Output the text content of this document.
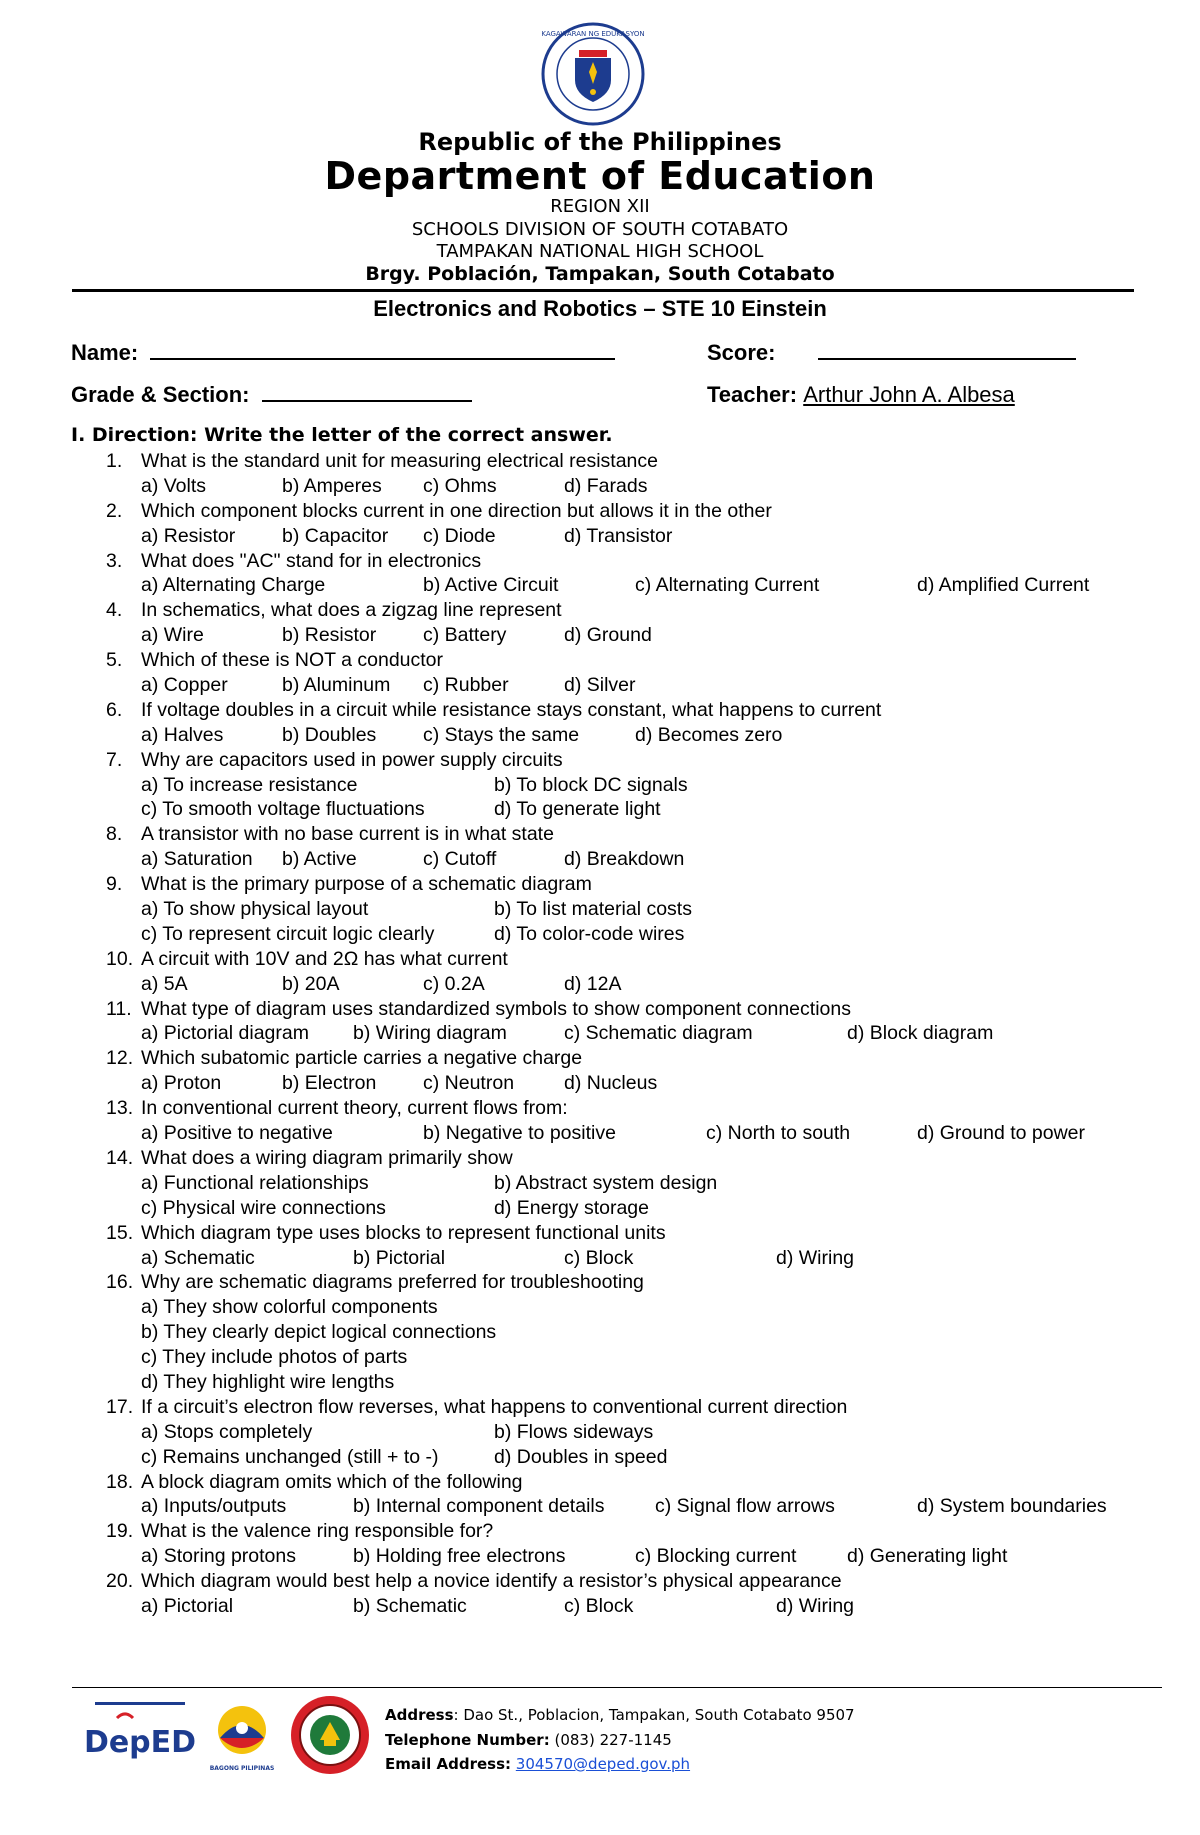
KAGAWARAN NG EDUKASYON
Republic of the Philippines
Department of Education
REGION XII
SCHOOLS DIVISION OF SOUTH COTABATO
TAMPAKAN NATIONAL HIGH SCHOOL
Brgy. Población, Tampakan, South Cotabato
Electronics and Robotics – STE 10 Einstein
Name:	Score:
Grade & Section:	Teacher: Arthur John A. Albesa
I. Direction: Write the letter of the correct answer.
1. What is the standard unit for measuring electrical resistance
a) Volts	b) Amperes c) Ohms	d) Farads
2. Which component blocks current in one direction but allows it in the other
a) Resistor b) Capacitor c) Diode	d) Transistor
3. What does "AC" stand for in electronics
a) Alternating Charge	b) Active Circuit	c) Alternating Current	d) Amplified Current
4. In schematics, what does a zigzag line represent
a) Wire	b) Resistor c) Battery	d) Ground
5. Which of these is NOT a conductor
a) Copper	b) Aluminum c) Rubber	d) Silver
6. If voltage doubles in a circuit while resistance stays constant, what happens to current
a) Halves	b) Doubles c) Stays the same	d) Becomes zero
7. Why are capacitors used in power supply circuits
a) To increase resistance	b) To block DC signals
c) To smooth voltage fluctuations	d) To generate light
8. A transistor with no base current is in what state
a) Saturation b) Active	c) Cutoff	d) Breakdown
9. What is the primary purpose of a schematic diagram
a) To show physical layout	b) To list material costs
c) To represent circuit logic clearly	d) To color-code wires
10. A circuit with 10V and 2Ω has what current
a) 5A	b) 20A	c) 0.2A	d) 12A
11. What type of diagram uses standardized symbols to show component connections
a) Pictorial diagram b) Wiring diagram	c) Schematic diagram	d) Block diagram
12. Which subatomic particle carries a negative charge
a) Proton	b) Electron c) Neutron	d) Nucleus
13. In conventional current theory, current flows from:
a) Positive to negative	b) Negative to positive	c) North to south	d) Ground to power
14. What does a wiring diagram primarily show
a) Functional relationships	b) Abstract system design
c) Physical wire connections	d) Energy storage
15. Which diagram type uses blocks to represent functional units
a) Schematic	b) Pictorial	c) Block	d) Wiring
16. Why are schematic diagrams preferred for troubleshooting
a) They show colorful components
b) They clearly depict logical connections
c) They include photos of parts
d) They highlight wire lengths
17. If a circuit’s electron flow reverses, what happens to conventional current direction
a) Stops completely	b) Flows sideways
c) Remains unchanged (still + to -)	d) Doubles in speed
18. A block diagram omits which of the following
a) Inputs/outputs	b) Internal component details	c) Signal flow arrows	d) System boundaries
19. What is the valence ring responsible for?
a) Storing protons	b) Holding free electrons	c) Blocking current	d) Generating light
20. Which diagram would best help a novice identify a resistor’s physical appearance
a) Pictorial	b) Schematic	c) Block	d) Wiring
DepED
BAGONG PILIPINAS
Address: Dao St., Poblacion, Tampakan, South Cotabato 9507
Telephone Number: (083) 227-1145
Email Address: 304570@deped.gov.ph
